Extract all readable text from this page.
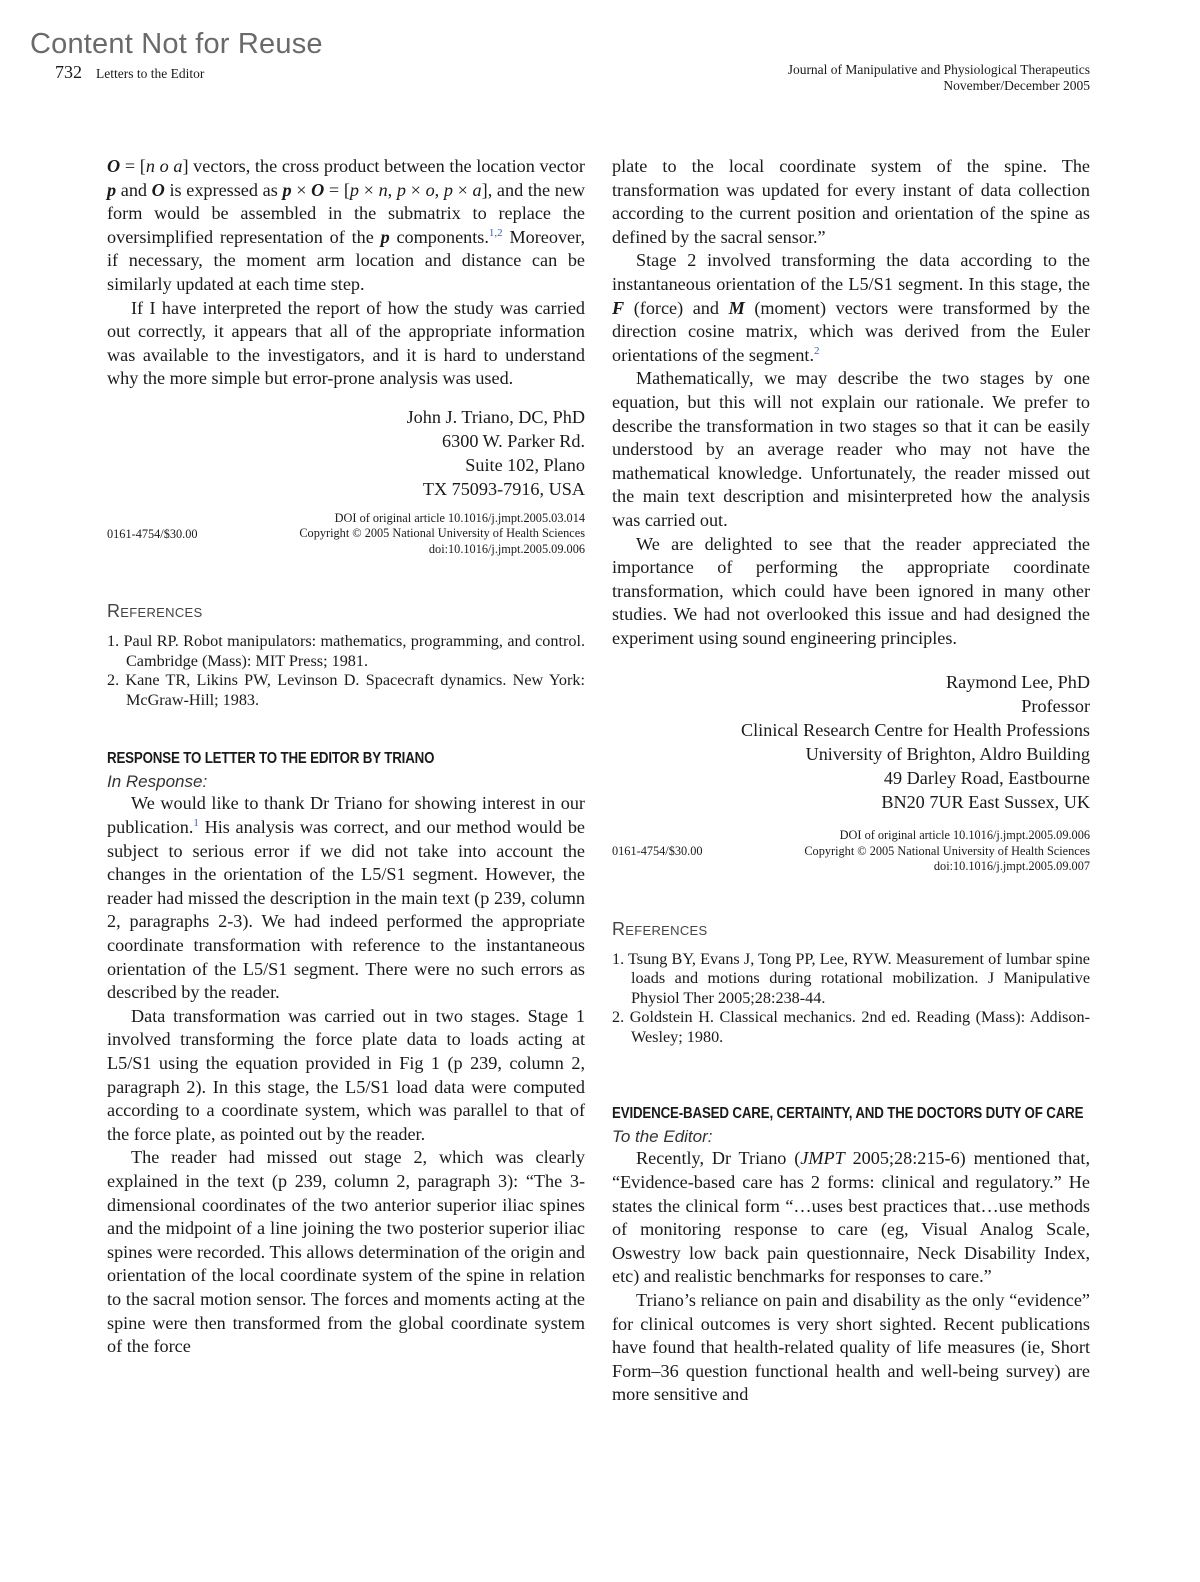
Content Not for Reuse
732 Letters to the Editor	Journal of Manipulative and Physiological Therapeutics
November/December 2005

O = [n o a] vectors, the cross product between the location vector p and O is expressed as p × O = [p × n, p × o, p × a], and the new form would be assembled in the submatrix to replace the oversimplified representation of the p components.$^{1,2}$ Moreover, if necessary, the moment arm location and distance can be similarly updated at each time step.

If I have interpreted the report of how the study was carried out correctly, it appears that all of the appropriate information was available to the investigators, and it is hard to understand why the more simple but error-prone analysis was used.

John J. Triano, DC, PhD
6300 W. Parker Rd.
Suite 102, Plano
TX 75093-7916, USA
0161-4754/$30.00
DOI of original article 10.1016/j.jmpt.2005.03.014
Copyright © 2005 National University of Health Sciences
doi:10.1016/j.jmpt.2005.09.006
References

1. Paul RP. Robot manipulators: mathematics, programming, and control. Cambridge (Mass): MIT Press; 1981.

2. Kane TR, Likins PW, Levinson D. Spacecraft dynamics. New York: McGraw-Hill; 1983.

RESPONSE TO LETTER TO THE EDITOR BY TRIANO
In Response:

We would like to thank Dr Triano for showing interest in our publication.$^1$ His analysis was correct, and our method would be subject to serious error if we did not take into account the changes in the orientation of the L5/S1 segment. However, the reader had missed the description in the main text (p 239, column 2, paragraphs 2-3). We had indeed performed the appropriate coordinate transformation with reference to the instantaneous orientation of the L5/S1 segment. There were no such errors as described by the reader.

Data transformation was carried out in two stages. Stage 1 involved transforming the force plate data to loads acting at L5/S1 using the equation provided in Fig 1 (p 239, column 2, paragraph 2). In this stage, the L5/S1 load data were computed according to a coordinate system, which was parallel to that of the force plate, as pointed out by the reader.

The reader had missed out stage 2, which was clearly explained in the text (p 239, column 2, paragraph 3): “The 3-dimensional coordinates of the two anterior superior iliac spines and the midpoint of a line joining the two posterior superior iliac spines were recorded. This allows determination of the origin and orientation of the local coordinate system of the spine in relation to the sacral motion sensor. The forces and moments acting at the spine were then transformed from the global coordinate system of the force

plate to the local coordinate system of the spine. The transformation was updated for every instant of data collection according to the current position and orientation of the spine as defined by the sacral sensor.”

Stage 2 involved transforming the data according to the instantaneous orientation of the L5/S1 segment. In this stage, the F (force) and M (moment) vectors were transformed by the direction cosine matrix, which was derived from the Euler orientations of the segment.$^2$

Mathematically, we may describe the two stages by one equation, but this will not explain our rationale. We prefer to describe the transformation in two stages so that it can be easily understood by an average reader who may not have the mathematical knowledge. Unfortunately, the reader missed out the main text description and misinterpreted how the analysis was carried out.

We are delighted to see that the reader appreciated the importance of performing the appropriate coordinate transformation, which could have been ignored in many other studies. We had not overlooked this issue and had designed the experiment using sound engineering principles.

Raymond Lee, PhD
Professor
Clinical Research Centre for Health Professions
University of Brighton, Aldro Building
49 Darley Road, Eastbourne
BN20 7UR East Sussex, UK
0161-4754/$30.00
DOI of original article 10.1016/j.jmpt.2005.09.006
Copyright © 2005 National University of Health Sciences
doi:10.1016/j.jmpt.2005.09.007
References

1. Tsung BY, Evans J, Tong PP, Lee, RYW. Measurement of lumbar spine loads and motions during rotational mobilization. J Manipulative Physiol Ther 2005;28:238-44.

2. Goldstein H. Classical mechanics. 2nd ed. Reading (Mass): Addison-Wesley; 1980.

EVIDENCE-BASED CARE, CERTAINTY, AND THE DOCTORS DUTY OF CARE
To the Editor:

Recently, Dr Triano (JMPT 2005;28:215-6) mentioned that, “Evidence-based care has 2 forms: clinical and regulatory.” He states the clinical form “…uses best practices that…use methods of monitoring response to care (eg, Visual Analog Scale, Oswestry low back pain questionnaire, Neck Disability Index, etc) and realistic benchmarks for responses to care.”

Triano’s reliance on pain and disability as the only “evidence” for clinical outcomes is very short sighted. Recent publications have found that health-related quality of life measures (ie, Short Form–36 question functional health and well-being survey) are more sensitive and
